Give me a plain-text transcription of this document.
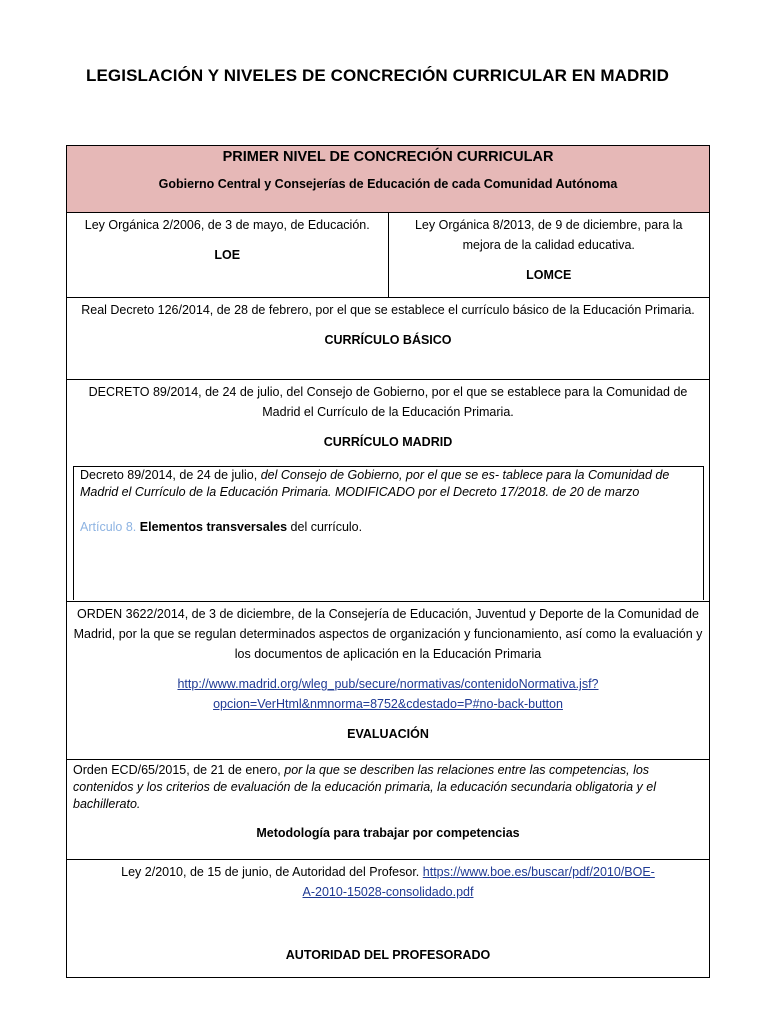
LEGISLACIÓN Y NIVELES DE CONCRECIÓN CURRICULAR EN MADRID
PRIMER NIVEL DE CONCRECIÓN CURRICULAR
Gobierno Central y Consejerías de Educación de cada Comunidad Autónoma
Ley Orgánica 2/2006, de 3 de mayo, de Educación.
LOE
Ley Orgánica 8/2013, de 9 de diciembre, para la mejora de la calidad educativa.
LOMCE
Real Decreto 126/2014, de 28 de febrero, por el que se establece el currículo básico de la Educación Primaria.
CURRÍCULO BÁSICO
DECRETO 89/2014, de 24 de julio, del Consejo de Gobierno, por el que se establece para la Comunidad de Madrid el Currículo de la Educación Primaria.
CURRÍCULO MADRID
Decreto 89/2014, de 24 de julio, del Consejo de Gobierno, por el que se es- tablece para la Comunidad de Madrid el Currículo de la Educación Primaria. MODIFICADO por el Decreto 17/2018. de 20 de marzo
Artículo 8. Elementos transversales del currículo.
ORDEN 3622/2014, de 3 de diciembre, de la Consejería de Educación, Juventud y Deporte de la Comunidad de Madrid, por la que se regulan determinados aspectos de organización y funcionamiento, así como la evaluación y los documentos de aplicación en la Educación Primaria
http://www.madrid.org/wleg_pub/secure/normativas/contenidoNormativa.jsf?
opcion=VerHtml&nmnorma=8752&cdestado=P#no-back-button
EVALUACIÓN
Orden ECD/65/2015, de 21 de enero, por la que se describen las relaciones entre las competencias, los contenidos y los criterios de evaluación de la educación primaria, la educación secundaria obligatoria y el bachillerato.
Metodología para trabajar por competencias
Ley 2/2010, de 15 de junio, de Autoridad del Profesor. https://www.boe.es/buscar/pdf/2010/BOE-
A-2010-15028-consolidado.pdf
AUTORIDAD DEL PROFESORADO
